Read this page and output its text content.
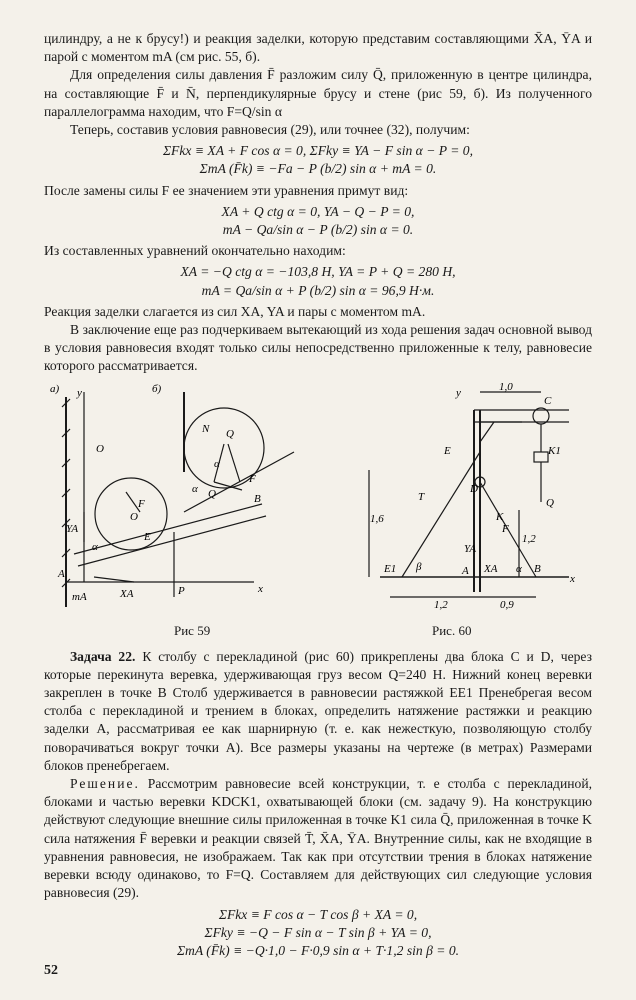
цилиндру, а не к брусу!) и реакция заделки, которую представим составляющими X̄A, ȲA и парой с моментом mA (см рис. 55, б).

Для определения силы давления F̄ разложим силу Q̄, приложенную в центре цилиндра, на составляющие F̄ и N̄, перпендикулярные брусу и стене (рис 59, б). Из полученного параллелограмма находим, что F=Q/sin α

Теперь, составив условия равновесия (29), или точнее (32), получим:

ΣFkx ≡ XA + F cos α = 0, ΣFky ≡ YA − F sin α − P = 0,
ΣmA (F̄k) ≡ −Fa − P (b/2) sin α + mA = 0.

После замены силы F ее значением эти уравнения примут вид:

XA + Q ctg α = 0, YA − Q − P = 0,
mA − Qa/sin α − P (b/2) sin α = 0.

Из составленных уравнений окончательно находим:

XA = −Q ctg α = −103,8 Н, YA = P + Q = 280 Н,
mA = Qa/sin α + P (b/2) sin α = 96,9 Н·м.

Реакция заделки слагается из сил XA, YA и пары с моментом mA.

В заключение еще раз подчеркиваем вытекающий из хода решения задач основной вывод в условия равновесия входят только силы непосредственно приложенные к телу, равновесие которого рассматривается.

а)	б)
y
x
O
F
O
E
B
A
YA
XA
mA	P
α
Q
N
α
Q
F
α
y	1,0
C
K1
Q
E
D
K
F
T
1,6
1,2
YA
β
E1	A XA α B
x
1,2	0,9
Рис 59	Рис. 60

Задача 22. К столбу с перекладиной (рис 60) прикреплены два блока C и D, через которые перекинута веревка, удерживающая груз весом Q=240 Н. Нижний конец веревки закреплен в точке B Столб удерживается в равновесии растяжкой EE1 Пренебрегая весом столба с перекладиной и трением в блоках, определить натяжение растяжки и реакцию заделки A, рассматривая ее как шарнирную (т. е. как нежесткую, позволяющую столбу поворачиваться вокруг точки A). Все размеры указаны на чертеже (в метрах) Размерами блоков пренебрегаем.

Решение. Рассмотрим равновесие всей конструкции, т. е столба с перекладиной, блоками и частью веревки KDCK1, охватывающей блоки (см. задачу 9). На конструкцию действуют следующие внешние силы приложенная в точке K1 сила Q̄, приложенная в точке K сила натяжения F̄ веревки и реакции связей T̄, X̄A, ȲA. Внутренние силы, как не входящие в уравнения равновесия, не изображаем. Так как при отсутствии трения в блоках натяжение веревки всюду одинаково, то F=Q. Составляем для действующих сил следующие условия равновесия (29).

ΣFkx ≡ F cos α − T cos β + XA = 0,
ΣFky ≡ −Q − F sin α − T sin β + YA = 0,
ΣmA (F̄k) ≡ −Q·1,0 − F·0,9 sin α + T·1,2 sin β = 0.
52
